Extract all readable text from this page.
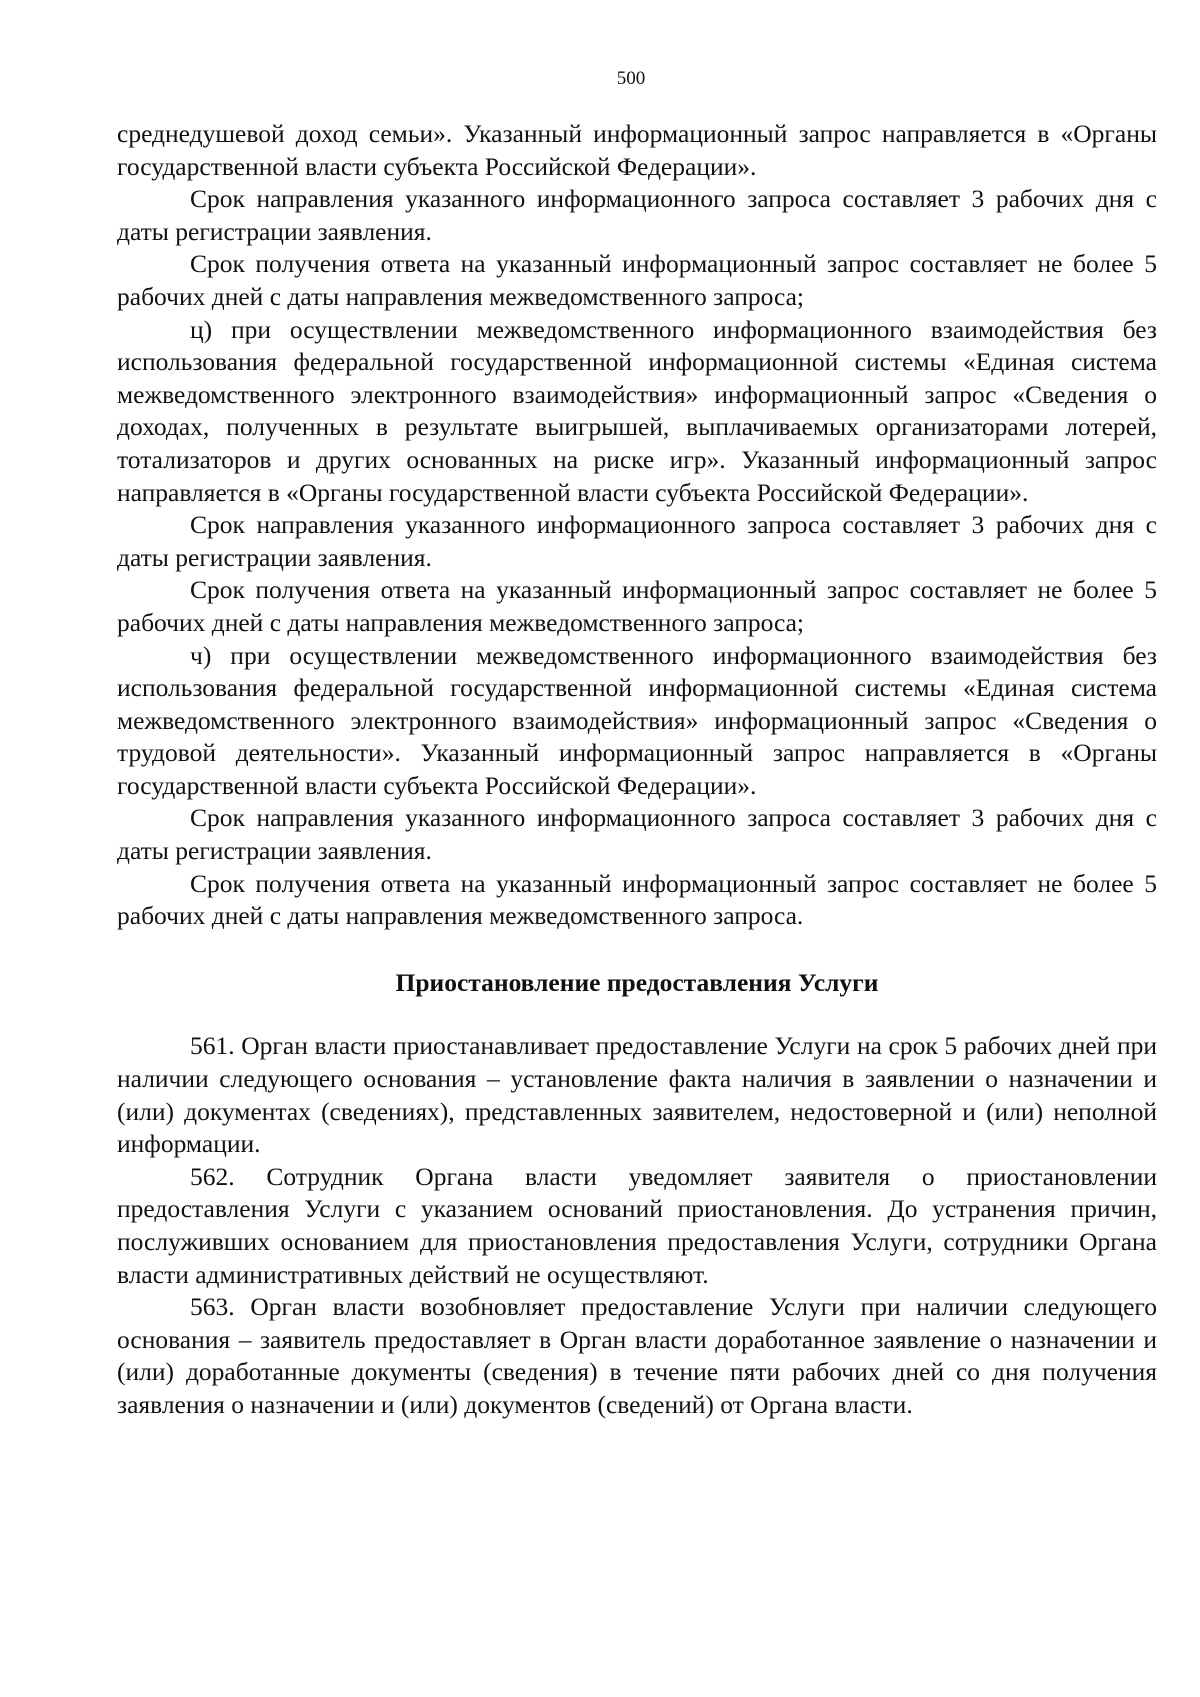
500

среднедушевой доход семьи». Указанный информационный запрос направляется в «Органы государственной власти субъекта Российской Федерации».

Срок направления указанного информационного запроса составляет 3 рабочих дня с даты регистрации заявления.

Срок получения ответа на указанный информационный запрос составляет не более 5 рабочих дней с даты направления межведомственного запроса;

ц) при осуществлении межведомственного информационного взаимодействия без использования федеральной государственной информационной системы «Единая система межведомственного электронного взаимодействия» информационный запрос «Сведения о доходах, полученных в результате выигрышей, выплачиваемых организаторами лотерей, тотализаторов и других основанных на риске игр». Указанный информационный запрос направляется в «Органы государственной власти субъекта Российской Федерации».

Срок направления указанного информационного запроса составляет 3 рабочих дня с даты регистрации заявления.

Срок получения ответа на указанный информационный запрос составляет не более 5 рабочих дней с даты направления межведомственного запроса;

ч) при осуществлении межведомственного информационного взаимодействия без использования федеральной государственной информационной системы «Единая система межведомственного электронного взаимодействия» информационный запрос «Сведения о трудовой деятельности». Указанный информационный запрос направляется в «Органы государственной власти субъекта Российской Федерации».

Срок направления указанного информационного запроса составляет 3 рабочих дня с даты регистрации заявления.

Срок получения ответа на указанный информационный запрос составляет не более 5 рабочих дней с даты направления межведомственного запроса.

Приостановление предоставления Услуги

561. Орган власти приостанавливает предоставление Услуги на срок 5 рабочих дней при наличии следующего основания – установление факта наличия в заявлении о назначении и (или) документах (сведениях), представленных заявителем, недостоверной и (или) неполной информации.

562. Сотрудник Органа власти уведомляет заявителя о приостановлении предоставления Услуги с указанием оснований приостановления. До устранения причин, послуживших основанием для приостановления предоставления Услуги, сотрудники Органа власти административных действий не осуществляют.

563. Орган власти возобновляет предоставление Услуги при наличии следующего основания – заявитель предоставляет в Орган власти доработанное заявление о назначении и (или) доработанные документы (сведения) в течение пяти рабочих дней со дня получения заявления о назначении и (или) документов (сведений) от Органа власти.
